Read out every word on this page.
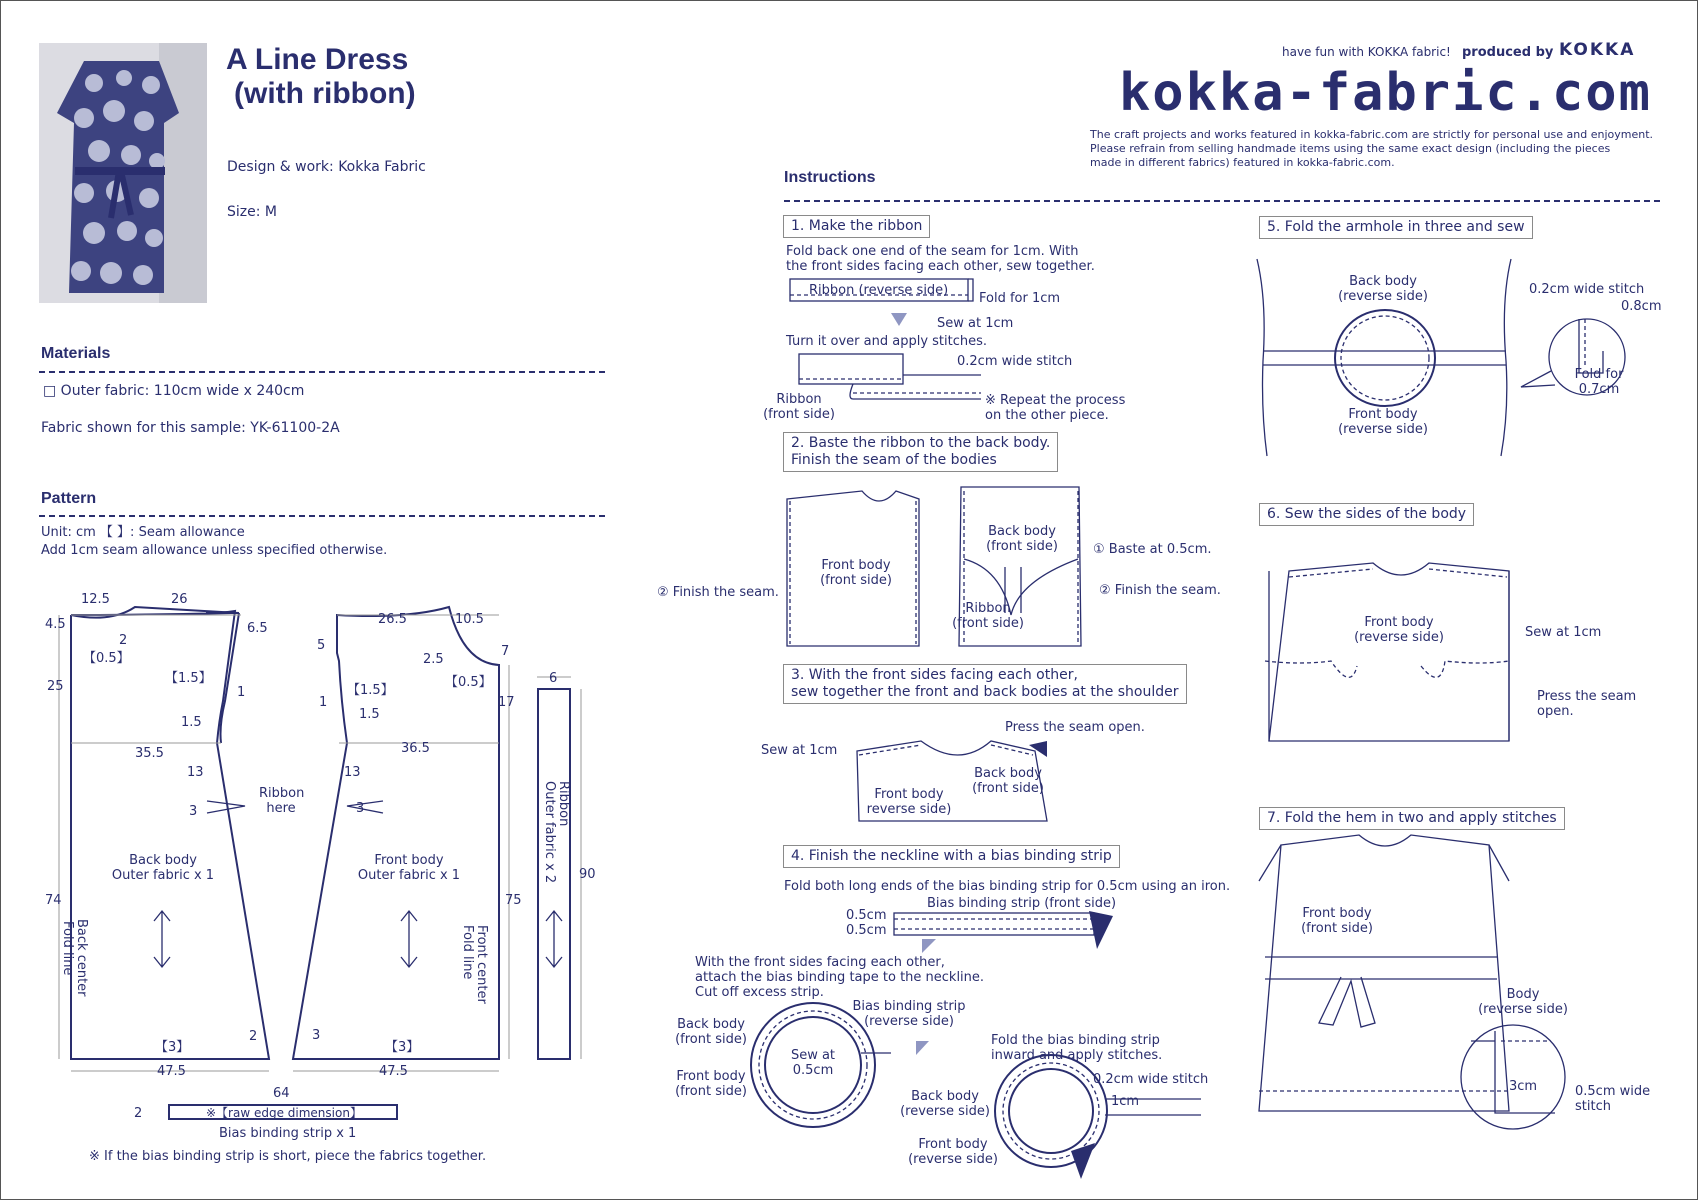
A Line Dress
(with ribbon)
Design & work: Kokka Fabric
Size: M
have fun with KOKKA fabric! produced by KOKKA
kokka-fabric.com
The craft projects and works featured in kokka-fabric.com are strictly for personal use and enjoyment.
Please refrain from selling handmade items using the same exact design (including the pieces
made in different fabrics) featured in kokka-fabric.com.
Materials
□ Outer fabric: 110cm wide x 240cm
Fabric shown for this sample: YK-61100-2A
Pattern
Unit: cm 【 】: Seam allowance
Add 1cm seam allowance unless specified otherwise.
12.5	26
4.5
2
【0.5】
6.5
【1.5】
1
1.5
25
35.5
13
3
Ribbon
here
Back body
Outer fabric x 1
74
Back center
Fold line
【3】
2
47.5
26.5	10.5
5
2.5
7
【0.5】
【1.5】
1
1.5
17
36.5
13
3
Front body
Outer fabric x 1
75
Front center
Fold line
3
【3】
47.5
6
90
Ribbon
Outer fabric x 2
64
2	※【raw edge dimension】
Bias binding strip x 1
※ If the bias binding strip is short, piece the fabrics together.
Instructions
1. Make the ribbon
Fold back one end of the seam for 1cm. With
the front sides facing each other, sew together.
Ribbon (reverse side)
Fold for 1cm
Sew at 1cm
Turn it over and apply stitches.
0.2cm wide stitch
Ribbon
(front side)
※ Repeat the process
on the other piece.
2. Baste the ribbon to the back body.
Finish the seam of the bodies
Front body
(front side)
② Finish the seam.
Back body
(front side)	① Baste at 0.5cm.
② Finish the seam.
Ribbon
(front side)
3. With the front sides facing each other,
sew together the front and back bodies at the shoulder
Press the seam open.
Sew at 1cm
Back body
(front side)
Front body
reverse side)
4. Finish the neckline with a bias binding strip
Fold both long ends of the bias binding strip for 0.5cm using an iron.
0.5cm
0.5cm
Bias binding strip (front side)
With the front sides facing each other,
attach the bias binding tape to the neckline.
Cut off excess strip.
Back body
(front side)
Front body
(front side)
Sew at
0.5cm
Bias binding strip
(reverse side)
Fold the bias binding strip
inward and apply stitches.
0.2cm wide stitch
1cm
Back body
(reverse side)
Front body
(reverse side)
5. Fold the armhole in three and sew
Back body
(reverse side)
Front body
(reverse side)
0.2cm wide stitch
0.8cm
Fold for
0.7cm
6. Sew the sides of the body
Front body
(reverse side)	Sew at 1cm
Press the seam
open.
7. Fold the hem in two and apply stitches
Front body
(front side)
Body
(reverse side)
3cm	0.5cm wide
stitch
